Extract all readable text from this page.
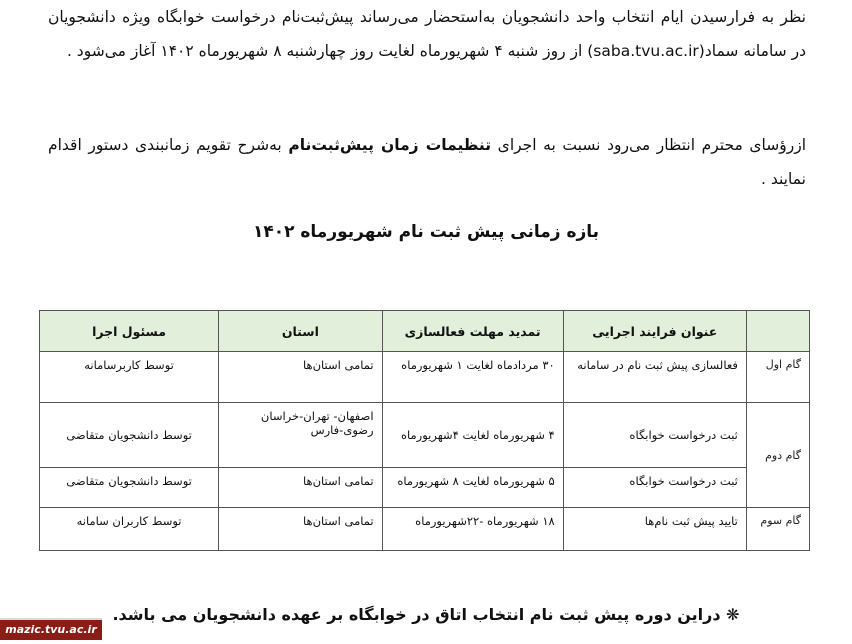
نظر به فرارسیدن ایام انتخاب واحد دانشجویان به‌استحضار می‌رساند پیش‌ثبت‌نام درخواست خوابگاه ویژه دانشجویان در سامانه سماد(saba.tvu.ac.ir) از روز شنبه ۴ شهریورماه لغایت روز چهارشنبه ۸ شهریورماه ۱۴۰۲ آغاز می‌شود .

ازرؤسای محترم انتظار می‌رود نسبت به اجرای تنظیمات زمان پیش‌ثبت‌نام به‌شرح تقویم زمانبندی دستور اقدام نمایند .

بازه زمانی پیش ثبت نام شهریورماه ۱۴۰۲
	عنوان فرایند اجرایی	تمدید مهلت فعالسازی	استان	مسئول اجرا
گام اول	فعالسازی پیش ثبت نام در سامانه	۳۰ مردادماه لغایت ۱ شهریورماه	تمامی استان‌ها	توسط کاربرسامانه
گام دوم	ثبت درخواست خوابگاه	۴ شهریورماه لغایت ۴شهریورماه	اصفهان- تهران-خراسان رضوی-فارس	توسط دانشجویان متقاضی
	ثبت درخواست خوابگاه	۵ شهریورماه لغایت ۸ شهریورماه	تمامی استان‌ها	توسط دانشجویان متقاضی
گام سوم	تایید پیش ثبت نام‌ها	۱۸ شهریورماه -۲۲شهریورماه	تمامی استان‌ها	توسط کاربران سامانه
❋ دراین دوره پیش ثبت نام انتخاب اتاق در خوابگاه بر عهده دانشجویان می باشد.
mazic.tvu.ac.ir
